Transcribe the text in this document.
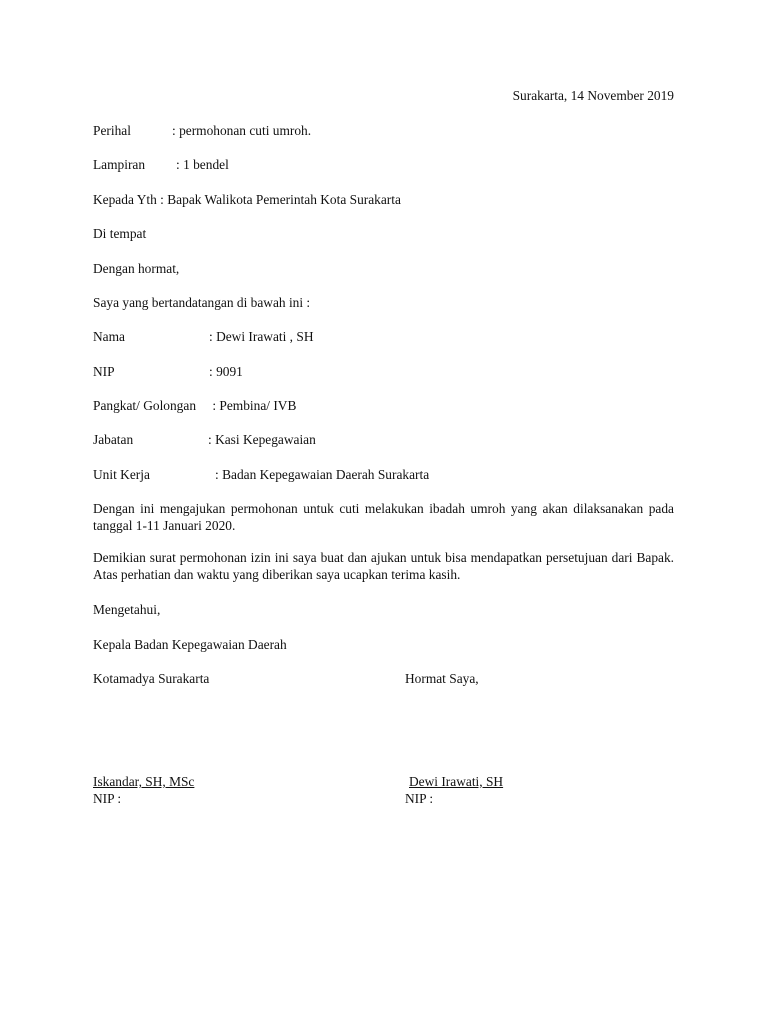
Surakarta, 14 November 2019
Perihal	: permohonan cuti umroh.
Lampiran : 1 bendel
Kepada Yth : Bapak Walikota Pemerintah Kota Surakarta
Di tempat
Dengan hormat,
Saya yang bertandatangan di bawah ini :
Nama	: Dewi Irawati , SH
NIP	: 9091
Pangkat/ Golongan : Pembina/ IVB
Jabatan	: Kasi Kepegawaian
Unit Kerja	: Badan Kepegawaian Daerah Surakarta
Dengan ini mengajukan permohonan untuk cuti melakukan ibadah umroh yang akan dilaksanakan pada tanggal 1-11 Januari 2020.
Demikian surat permohonan izin ini saya buat dan ajukan untuk bisa mendapatkan persetujuan dari Bapak. Atas perhatian dan waktu yang diberikan saya ucapkan terima kasih.
Mengetahui,
Kepala Badan Kepegawaian Daerah
Kotamadya Surakarta	Hormat Saya,
Iskandar, SH, MSc
NIP :
Dewi Irawati, SH
NIP :
